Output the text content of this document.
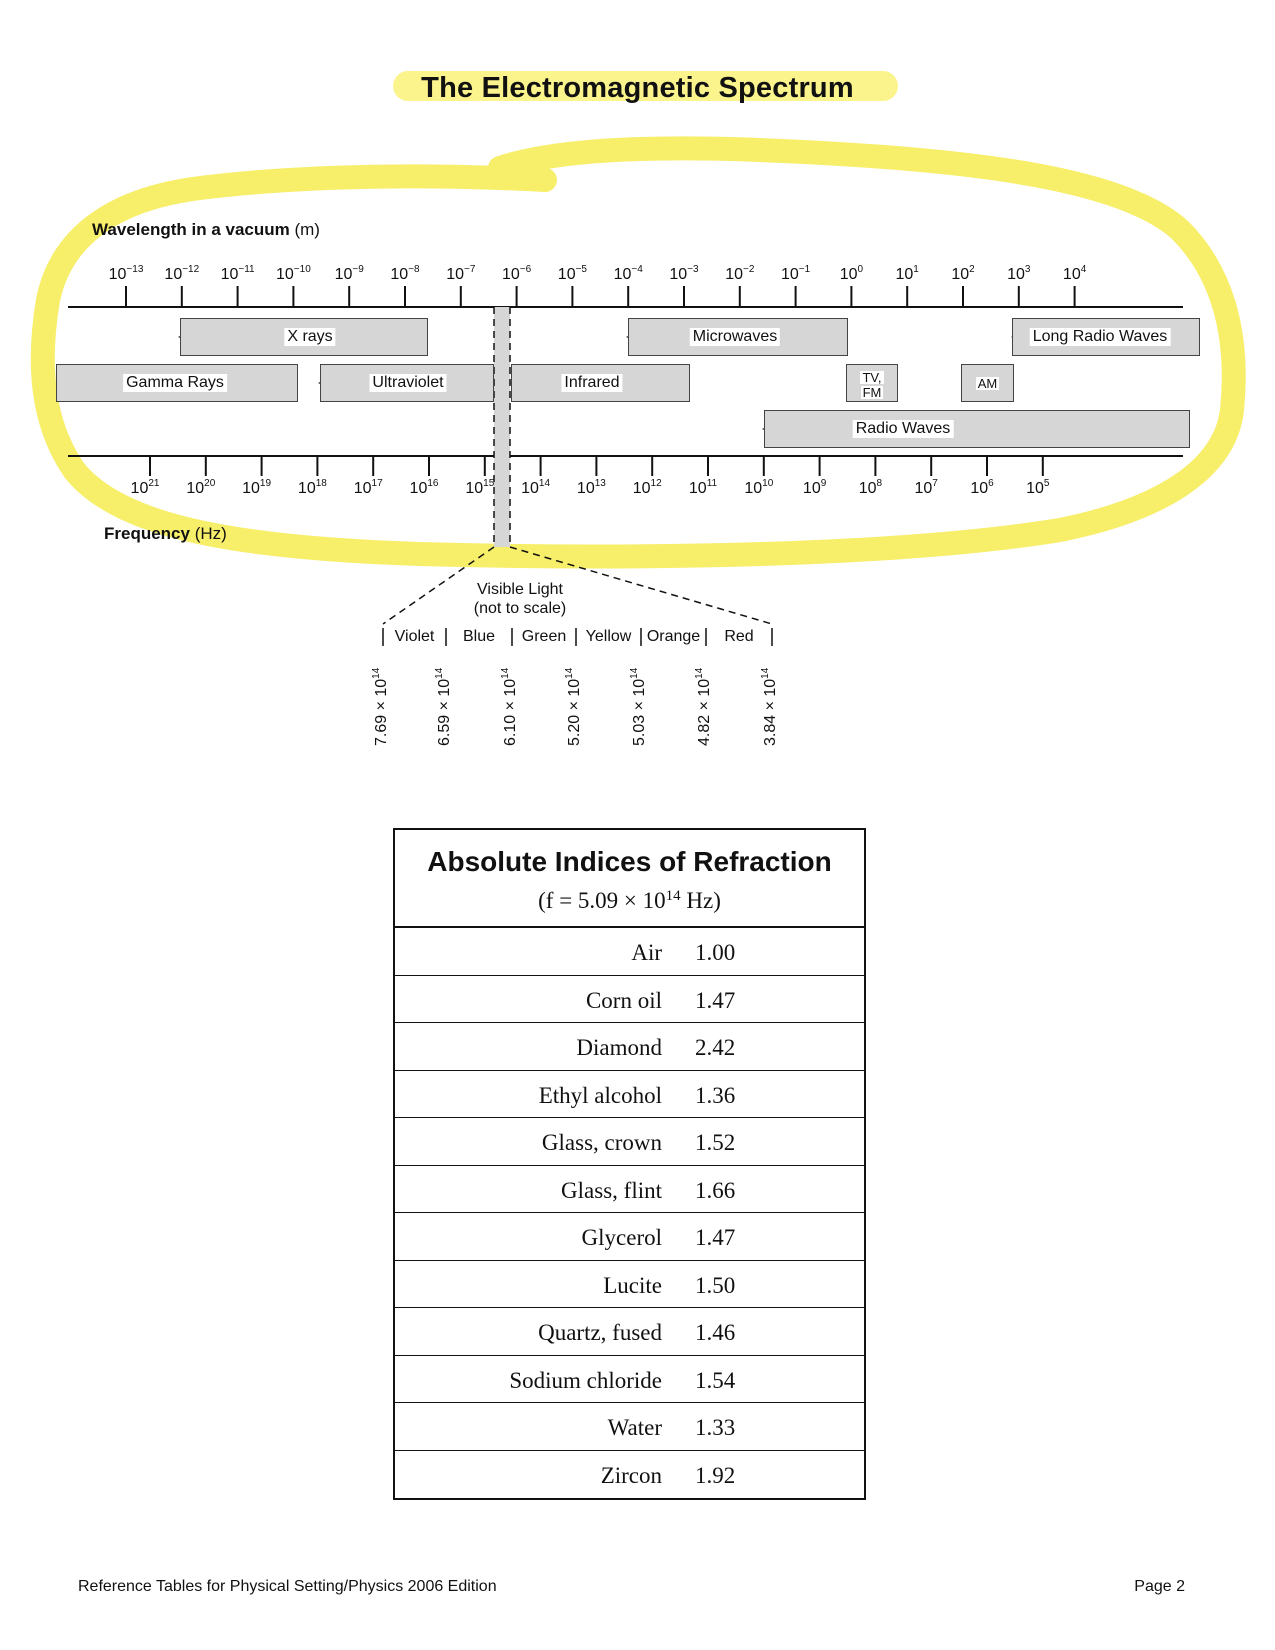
The Electromagnetic Spectrum
Wavelength in a vacuum (m)
$10^{-13}$ $10^{-12}$ $10^{-11}$ $10^{-10}$ $10^{-9}$ $10^{-8}$ $10^{-7}$ $10^{-6}$ $10^{-5}$ $10^{-4}$ $10^{-3}$ $10^{-2}$ $10^{-1}$ $10^0$ $10^1$ $10^2$ $10^3$ $10^4$
Frequency (Hz)
$10^{21}$ $10^{20}$ $10^{19}$ $10^{18}$ $10^{17}$ $10^{16}$ $10^{15}$ $10^{14}$ $10^{13}$ $10^{12}$ $10^{11}$ $10^{10}$ $10^9$ $10^8$ $10^7$ $10^6$ $10^5$
X rays	Microwaves	Long Radio Waves
Gamma Rays	Ultraviolet	Infrared	TV,
FM
AM
Radio Waves
Visible Light
(not to scale)
Violet Blue Green Yellow Orange Red
$7.69 \times 10^{14}$
$6.59 \times 10^{14}$
$6.10 \times 10^{14}$
$5.20 \times 10^{14}$
$5.03 \times 10^{14}$
$4.82 \times 10^{14}$
$3.84 \times 10^{14}$
Absolute Indices of Refraction
($f = 5.09 \times 10^{14}$ Hz)
Air 1.00
Corn oil 1.47
Diamond 2.42
Ethyl alcohol 1.36
Glass, crown 1.52
Glass, flint 1.66
Glycerol 1.47
Lucite 1.50
Quartz, fused 1.46
Sodium chloride 1.54
Water 1.33
Zircon 1.92
Reference Tables for Physical Setting/Physics 2006 Edition	Page 2
